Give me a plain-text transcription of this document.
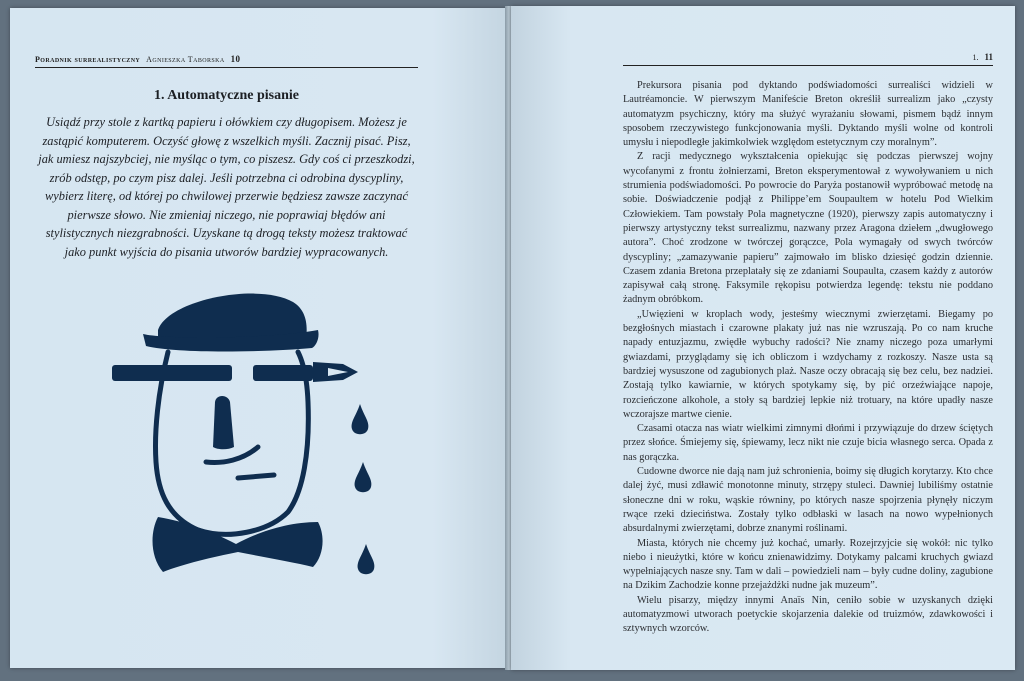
Poradnik surrealistyczny Agnieszka Taborska 10
1. Automatyczne pisanie

Usiądź przy stole z kartką papieru i ołówkiem czy długopisem. Możesz je zastąpić komputerem. Oczyść głowę z wszelkich myśli. Zacznij pisać. Pisz, jak umiesz najszybciej, nie myśląc o tym, co piszesz. Gdy coś ci przeszkodzi, zrób odstęp, po czym pisz dalej. Jeśli potrzebna ci odrobina dyscypliny, wybierz literę, od której po chwilowej przerwie będziesz zawsze zaczynać pierwsze słowo. Nie zmieniaj niczego, nie poprawiaj błędów ani stylistycznych niezgrabności. Uzyskane tą drogą teksty możesz traktować jako punkt wyjścia do pisania utworów bardziej wypracowanych.

1. 11

Prekursora pisania pod dyktando podświadomości surrealiści widzieli w Lautréamoncie. W pierwszym Manifeście Breton określił surrealizm jako „czysty automatyzm psychiczny, który ma służyć wyrażaniu słowami, pismem bądź innym sposobem rzeczywistego funkcjonowania myśli. Dyktando myśli wolne od kontroli umysłu i niepodległe jakimkolwiek względom estetycznym czy moralnym”.

Z racji medycznego wykształcenia opiekując się podczas pierwszej wojny wycofanymi z frontu żołnierzami, Breton eksperymentował z wywoływaniem u nich strumienia podświadomości. Po powrocie do Paryża postanowił wypróbować metodę na sobie. Doświadczenie podjął z Philippe’em Soupaultem w hotelu Pod Wielkim Człowiekiem. Tam powstały Pola magnetyczne (1920), pierwszy zapis automatyczny i pierwszy artystyczny tekst surrealizmu, nazwany przez Aragona dziełem „dwugłowego autora”. Choć zrodzone w twórczej gorączce, Pola wymagały od swych twórców dyscypliny; „zamazywanie papieru” zajmowało im blisko dziesięć godzin dziennie. Czasem zdania Bretona przeplatały się ze zdaniami Soupaulta, czasem każdy z autorów zapisywał całą stronę. Faksymile rękopisu potwierdza legendę: tekstu nie poddano żadnym obróbkom.

„Uwięzieni w kroplach wody, jesteśmy wiecznymi zwierzętami. Biegamy po bezgłośnych miastach i czarowne plakaty już nas nie wzruszają. Po co nam kruche napady entuzjazmu, zwiędłe wybuchy radości? Nie znamy niczego poza umarłymi gwiazdami, przyglądamy się ich obliczom i wzdychamy z rozkoszy. Nasze usta są bardziej wysuszone od zagubionych plaż. Nasze oczy obracają się bez celu, bez nadziei. Zostają tylko kawiarnie, w których spotykamy się, by pić orzeźwiające napoje, rozcieńczone alkohole, a stoły są bardziej lepkie niż trotuary, na które upadły nasze wczorajsze martwe cienie.

Czasami otacza nas wiatr wielkimi zimnymi dłońmi i przywiązuje do drzew ściętych przez słońce. Śmiejemy się, śpiewamy, lecz nikt nie czuje bicia własnego serca. Opada z nas gorączka.

Cudowne dworce nie dają nam już schronienia, boimy się długich korytarzy. Kto chce dalej żyć, musi zdławić monotonne minuty, strzępy stuleci. Dawniej lubiliśmy ostatnie słoneczne dni w roku, wąskie równiny, po których nasze spojrzenia płynęły niczym rwące rzeki dzieciństwa. Zostały tylko odbłaski w lasach na nowo wypełnionych absurdalnymi zwierzętami, dobrze znanymi roślinami.

Miasta, których nie chcemy już kochać, umarły. Rozejrzyjcie się wokół: nic tylko niebo i nieużytki, które w końcu znienawidzimy. Dotykamy palcami kruchych gwiazd wypełniających nasze sny. Tam w dali – powiedzieli nam – były cudne doliny, zagubione na Dzikim Zachodzie konne przejażdżki nudne jak muzeum”.

Wielu pisarzy, między innymi Anaïs Nin, ceniło sobie w uzyskanych dzięki automatyzmowi utworach poetyckie skojarzenia dalekie od truizmów, zdawkowości i sztywnych wzorców.
